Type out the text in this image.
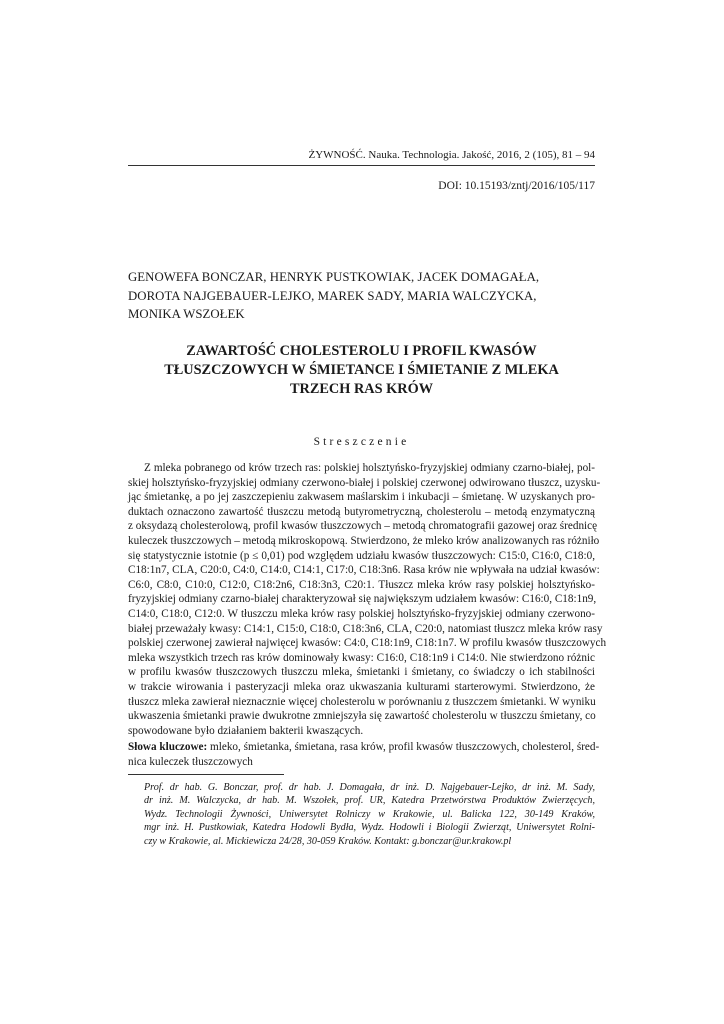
ŻYWNOŚĆ. Nauka. Technologia. Jakość, 2016, 2 (105), 81 – 94
DOI: 10.15193/zntj/2016/105/117
GENOWEFA BONCZAR, HENRYK PUSTKOWIAK, JACEK DOMAGAŁA,
DOROTA NAJGEBAUER-LEJKO, MAREK SADY, MARIA WALCZYCKA,
MONIKA WSZOŁEK
ZAWARTOŚĆ CHOLESTEROLU I PROFIL KWASÓW
TŁUSZCZOWYCH W ŚMIETANCE I ŚMIETANIE Z MLEKA
TRZECH RAS KRÓW
Streszczenie
Z mleka pobranego od krów trzech ras: polskiej holsztyńsko-fryzyjskiej odmiany czarno-białej, pol-
skiej holsztyńsko-fryzyjskiej odmiany czerwono-białej i polskiej czerwonej odwirowano tłuszcz, uzysku-
jąc śmietankę, a po jej zaszczepieniu zakwasem maślarskim i inkubacji – śmietanę. W uzyskanych pro-
duktach oznaczono zawartość tłuszczu metodą butyrometryczną, cholesterolu – metodą enzymatyczną
z oksydazą cholesterolową, profil kwasów tłuszczowych – metodą chromatografii gazowej oraz średnicę
kuleczek tłuszczowych – metodą mikroskopową. Stwierdzono, że mleko krów analizowanych ras różniło
się statystycznie istotnie (p ≤ 0,01) pod względem udziału kwasów tłuszczowych: C15:0, C16:0, C18:0,
C18:1n7, CLA, C20:0, C4:0, C14:0, C14:1, C17:0, C18:3n6. Rasa krów nie wpływała na udział kwasów:
C6:0, C8:0, C10:0, C12:0, C18:2n6, C18:3n3, C20:1. Tłuszcz mleka krów rasy polskiej holsztyńsko-
fryzyjskiej odmiany czarno-białej charakteryzował się największym udziałem kwasów: C16:0, C18:1n9,
C14:0, C18:0, C12:0. W tłuszczu mleka krów rasy polskiej holsztyńsko-fryzyjskiej odmiany czerwono-
białej przeważały kwasy: C14:1, C15:0, C18:0, C18:3n6, CLA, C20:0, natomiast tłuszcz mleka krów rasy
polskiej czerwonej zawierał najwięcej kwasów: C4:0, C18:1n9, C18:1n7. W profilu kwasów tłuszczowych
mleka wszystkich trzech ras krów dominowały kwasy: C16:0, C18:1n9 i C14:0. Nie stwierdzono różnic
w profilu kwasów tłuszczowych tłuszczu mleka, śmietanki i śmietany, co świadczy o ich stabilności
w trakcie wirowania i pasteryzacji mleka oraz ukwaszania kulturami starterowymi. Stwierdzono, że
tłuszcz mleka zawierał nieznacznie więcej cholesterolu w porównaniu z tłuszczem śmietanki. W wyniku
ukwaszenia śmietanki prawie dwukrotne zmniejszyła się zawartość cholesterolu w tłuszczu śmietany, co
spowodowane było działaniem bakterii kwaszących.
Słowa kluczowe: mleko, śmietanka, śmietana, rasa krów, profil kwasów tłuszczowych, cholesterol, śred-
nica kuleczek tłuszczowych
Prof. dr hab. G. Bonczar, prof. dr hab. J. Domagała, dr inż. D. Najgebauer-Lejko, dr inż. M. Sady,
dr inż. M. Walczycka, dr hab. M. Wszołek, prof. UR, Katedra Przetwórstwa Produktów Zwierzęcych,
Wydz. Technologii Żywności, Uniwersytet Rolniczy w Krakowie, ul. Balicka 122, 30-149 Kraków,
mgr inż. H. Pustkowiak, Katedra Hodowli Bydła, Wydz. Hodowli i Biologii Zwierząt, Uniwersytet Rolni-
czy w Krakowie, al. Mickiewicza 24/28, 30-059 Kraków. Kontakt: g.bonczar@ur.krakow.pl
